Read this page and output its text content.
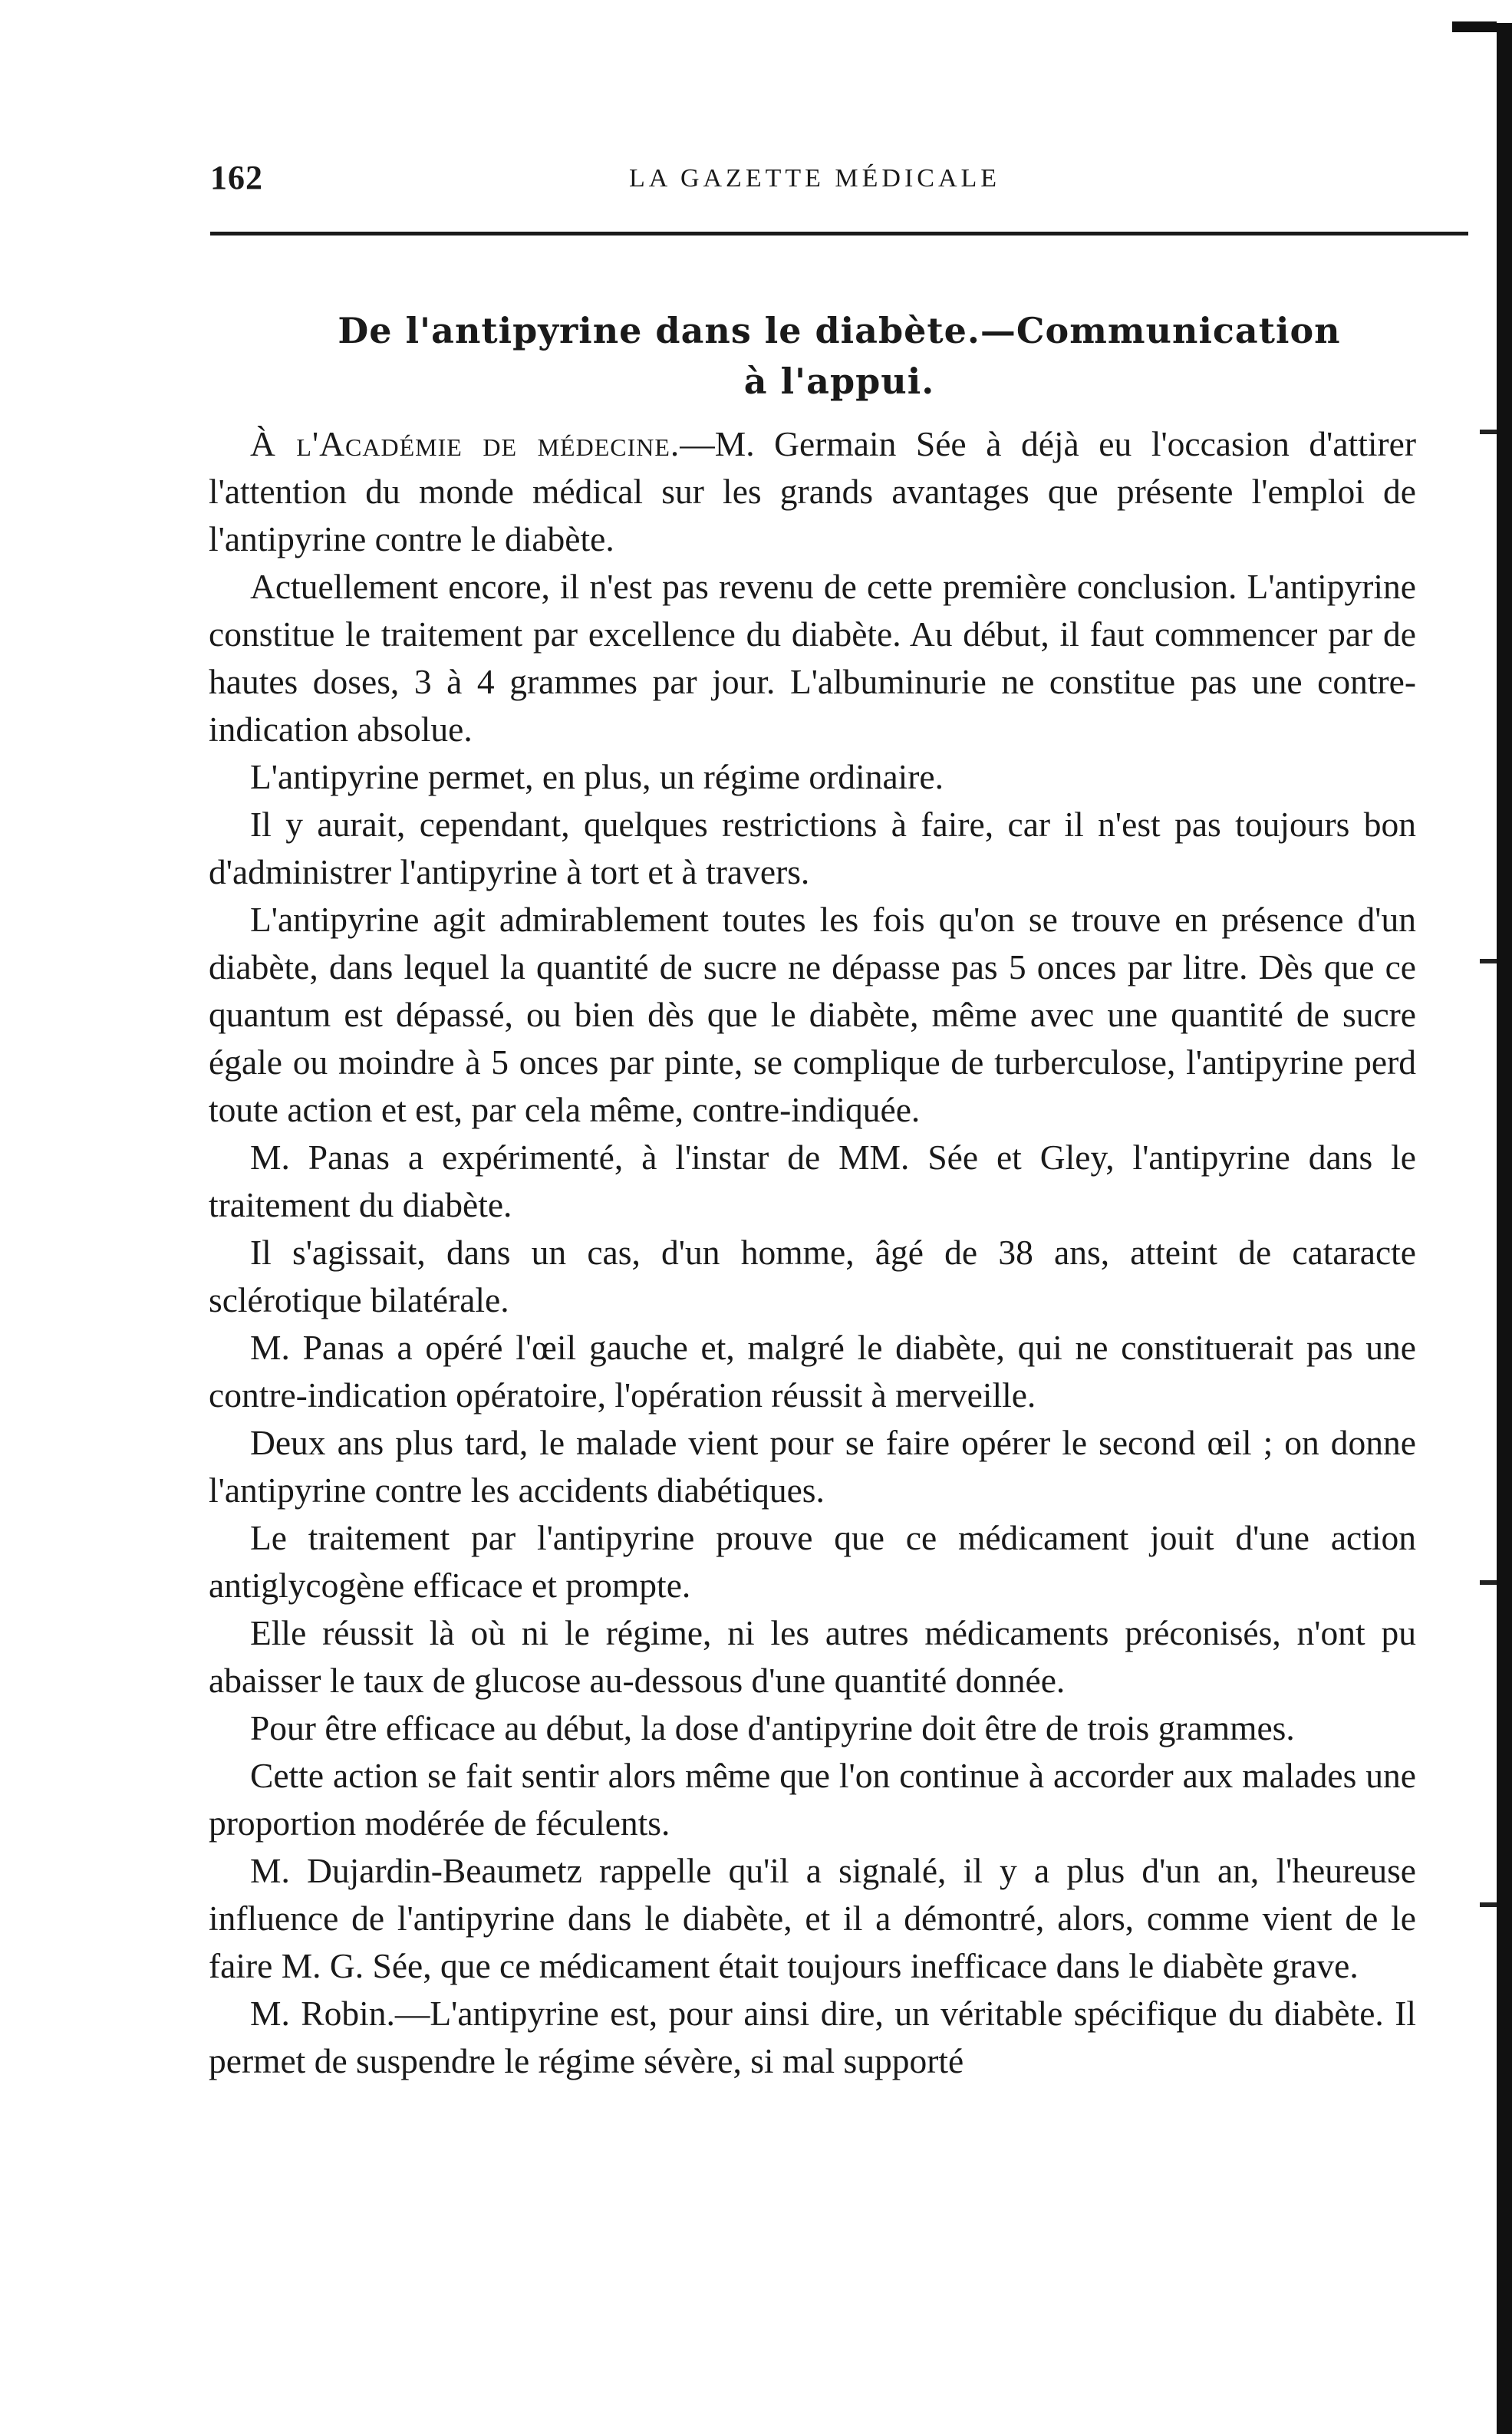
162	LA GAZETTE MÉDICALE
De l'antipyrine dans le diabète.—Communication
à l'appui.

À l'Académie de médecine.—M. Germain Sée à déjà eu l'occasion d'attirer l'attention du monde médical sur les grands avantages que présente l'emploi de l'antipyrine contre le diabète.

Actuellement encore, il n'est pas revenu de cette première conclusion. L'antipyrine constitue le traitement par excellence du diabète. Au début, il faut commencer par de hautes doses, 3 à 4 grammes par jour. L'albuminurie ne constitue pas une contre-indication absolue.

L'antipyrine permet, en plus, un régime ordinaire.

Il y aurait, cependant, quelques restrictions à faire, car il n'est pas toujours bon d'administrer l'antipyrine à tort et à travers.

L'antipyrine agit admirablement toutes les fois qu'on se trouve en présence d'un diabète, dans lequel la quantité de sucre ne dépasse pas 5 onces par litre. Dès que ce quantum est dépassé, ou bien dès que le diabète, même avec une quantité de sucre égale ou moindre à 5 onces par pinte, se complique de turberculose, l'antipyrine perd toute action et est, par cela même, contre-indiquée.

M. Panas a expérimenté, à l'instar de MM. Sée et Gley, l'antipyrine dans le traitement du diabète.

Il s'agissait, dans un cas, d'un homme, âgé de 38 ans, atteint de cataracte sclérotique bilatérale.

M. Panas a opéré l'œil gauche et, malgré le diabète, qui ne constituerait pas une contre-indication opératoire, l'opération réussit à merveille.

Deux ans plus tard, le malade vient pour se faire opérer le second œil ; on donne l'antipyrine contre les accidents diabétiques.

Le traitement par l'antipyrine prouve que ce médicament jouit d'une action antiglycogène efficace et prompte.

Elle réussit là où ni le régime, ni les autres médicaments préconisés, n'ont pu abaisser le taux de glucose au-dessous d'une quantité donnée.

Pour être efficace au début, la dose d'antipyrine doit être de trois grammes.

Cette action se fait sentir alors même que l'on continue à accorder aux malades une proportion modérée de féculents.

M. Dujardin-Beaumetz rappelle qu'il a signalé, il y a plus d'un an, l'heureuse influence de l'antipyrine dans le diabète, et il a démontré, alors, comme vient de le faire M. G. Sée, que ce médicament était toujours inefficace dans le diabète grave.

M. Robin.—L'antipyrine est, pour ainsi dire, un véritable spécifique du diabète. Il permet de suspendre le régime sévère, si mal supporté
